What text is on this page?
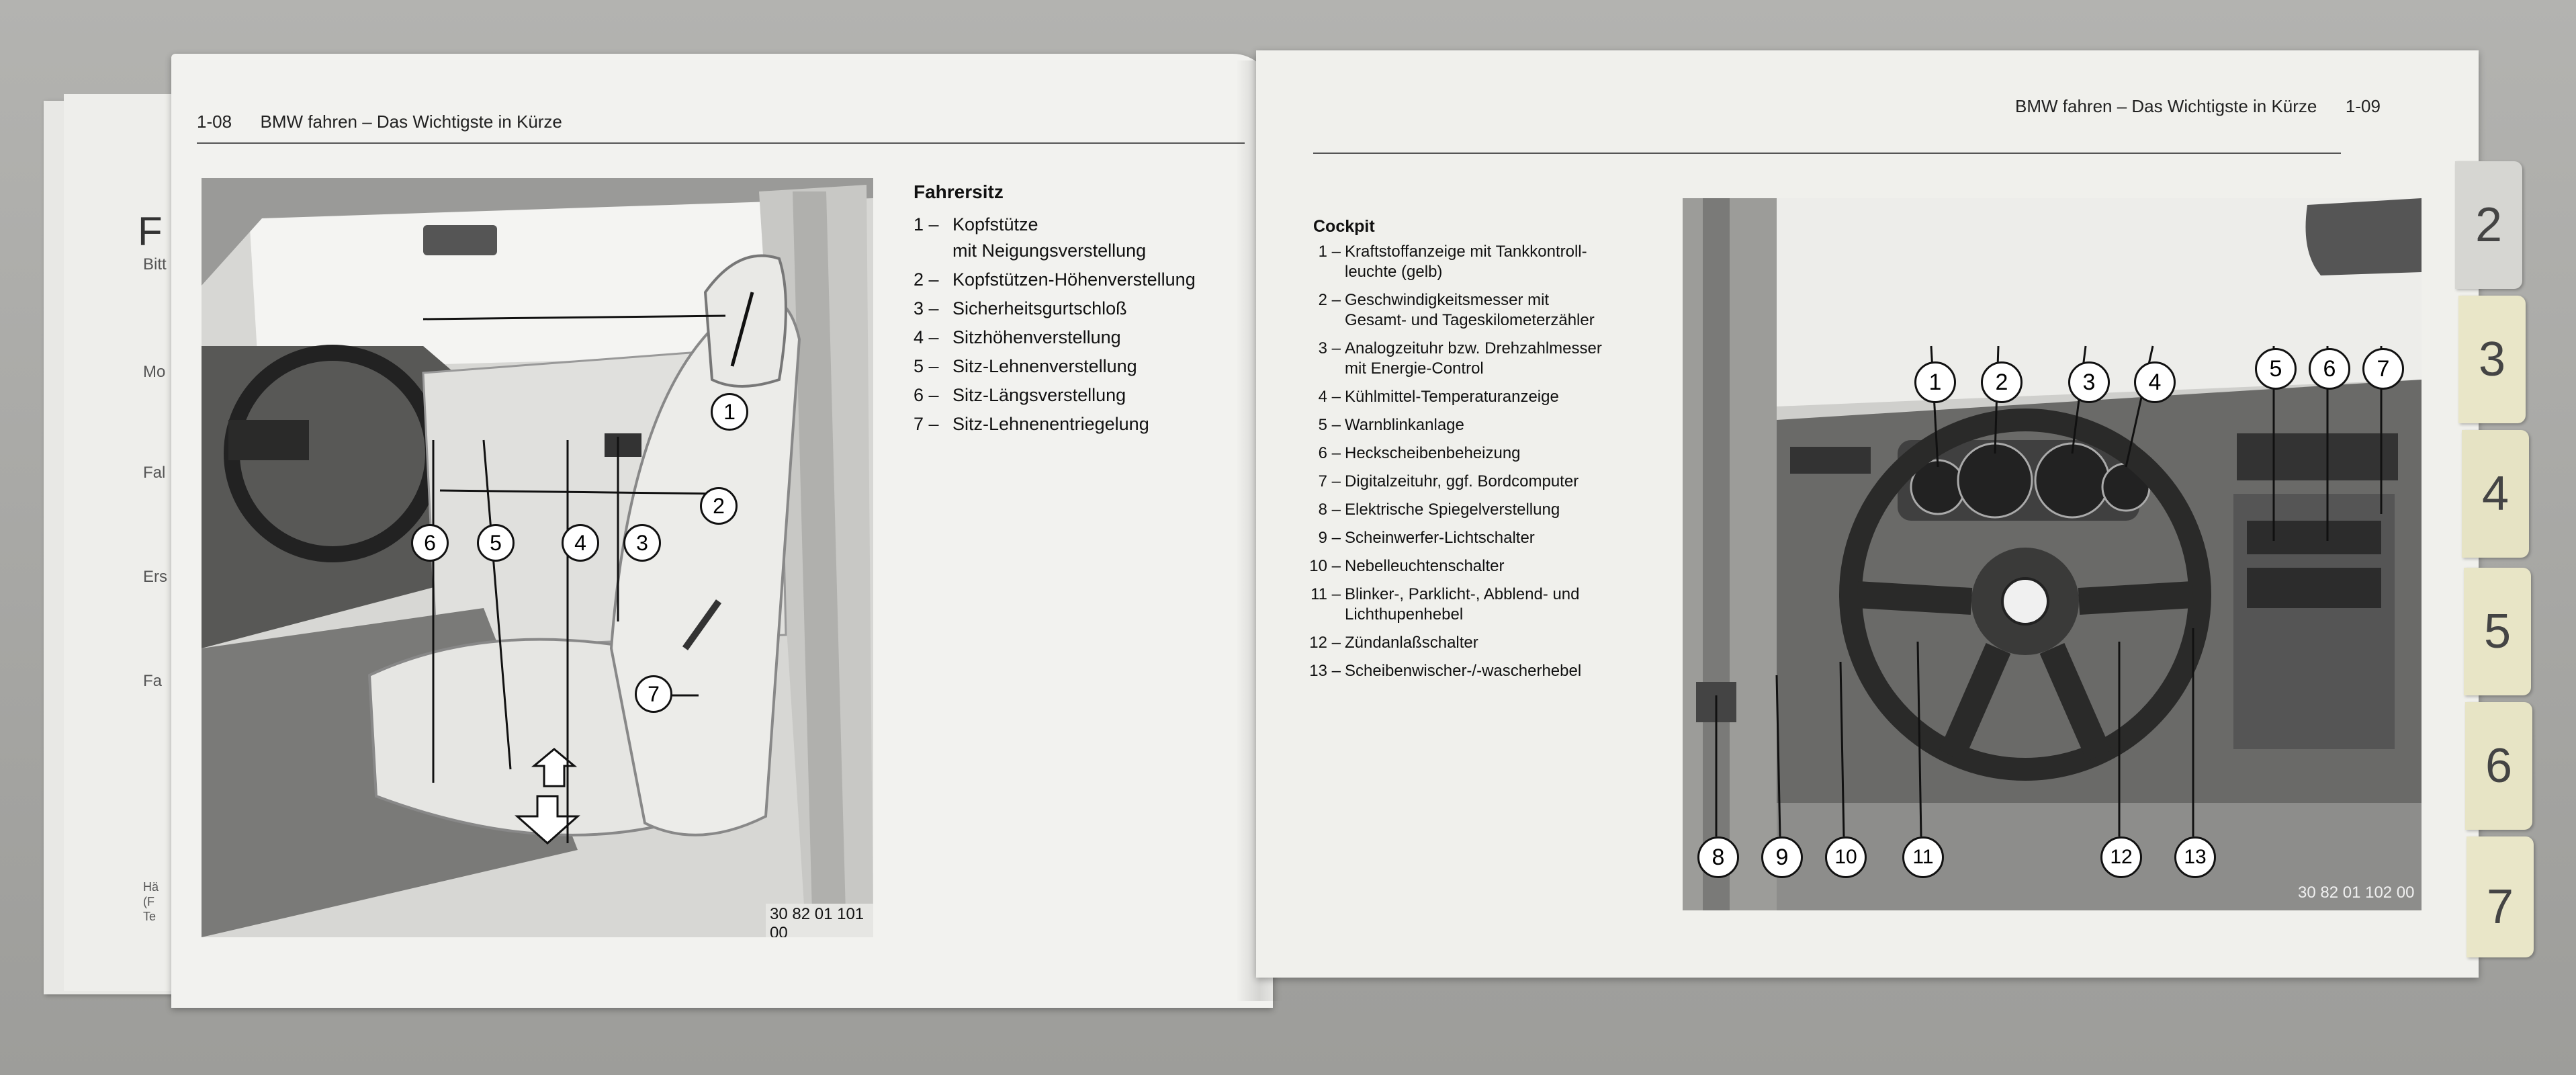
F
Bitt
Mo
Fal
Ers
Fa
Hä
(F
Te
1-08 BMW fahren – Das Wichtigste in Kürze
1
2
3
4
5
6
7
30 82 01 101 00
Fahrersitz
1 – Kopfstütze
mit Neigungsverstellung
2 – Kopfstützen-Höhenverstellung
3 – Sicherheitsgurtschloß
4 – Sitzhöhenverstellung
5 – Sitz-Lehnenverstellung
6 – Sitz-Längsverstellung
7 – Sitz-Lehnenentriegelung
BMW fahren – Das Wichtigste in Kürze 1-09
Cockpit
1 – Kraftstoffanzeige mit Tankkontroll-
leuchte (gelb)
2 – Geschwindigkeitsmesser mit
Gesamt- und Tageskilometerzähler
3 – Analogzeituhr bzw. Drehzahlmesser
mit Energie-Control
4 – Kühlmittel-Temperaturanzeige
5 – Warnblinkanlage
6 – Heckscheibenbeheizung
7 – Digitalzeituhr, ggf. Bordcomputer
8 – Elektrische Spiegelverstellung
9 – Scheinwerfer-Lichtschalter
10 – Nebelleuchtenschalter
11 – Blinker-, Parklicht-, Abblend- und
Lichthupenhebel
12 – Zündanlaßschalter
13 – Scheibenwischer-/-wascherhebel
1	2	3	4
5	6	7
8	9	10	11	12	13
30 82 01 102 00
2
3
4
5
6
7
